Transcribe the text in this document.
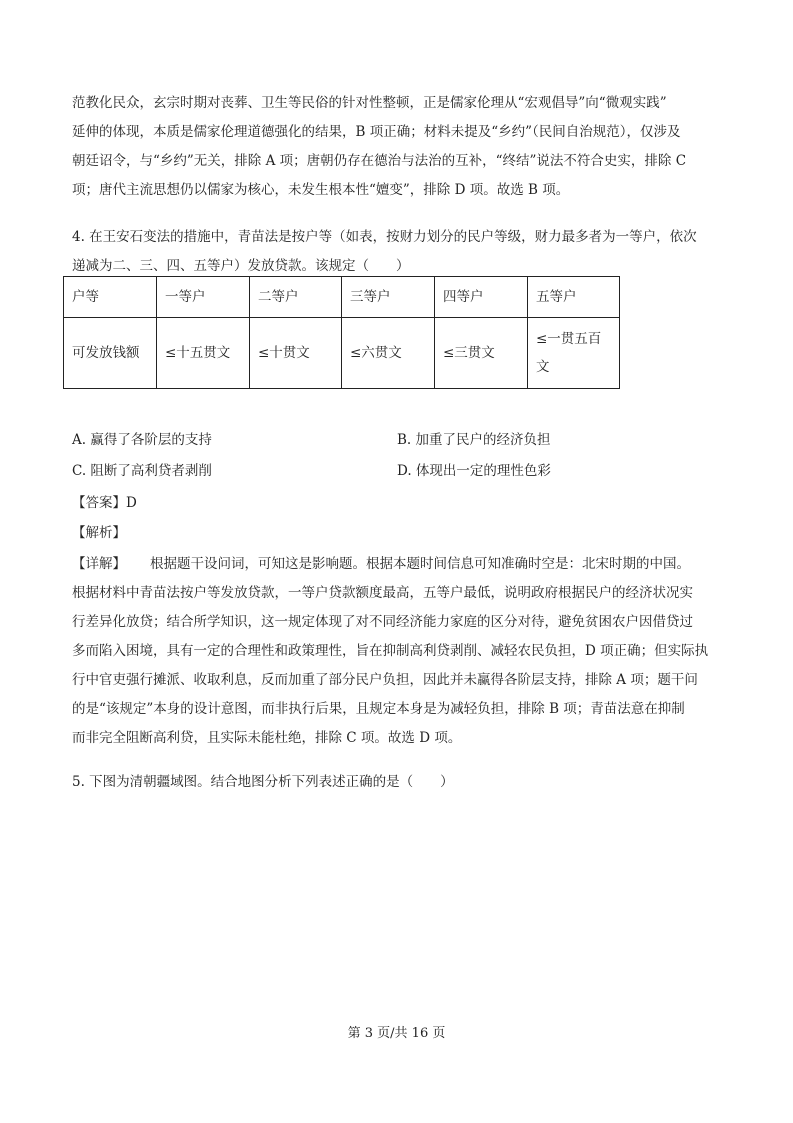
范教化民众，玄宗时期对丧葬、卫生等民俗的针对性整顿，正是儒家伦理从“宏观倡导”向“微观实践”
延伸的体现，本质是儒家伦理道德强化的结果，B 项正确；材料未提及“乡约”（民间自治规范），仅涉及
朝廷诏令，与“乡约”无关，排除 A 项；唐朝仍存在德治与法治的互补，“终结”说法不符合史实，排除 C
项；唐代主流思想仍以儒家为核心，未发生根本性“嬗变”，排除 D 项。故选 B 项。
4. 在王安石变法的措施中，青苗法是按户等（如表，按财力划分的民户等级，财力最多者为一等户，依次
递减为二、三、四、五等户）发放贷款。该规定（　　）
户等	一等户	二等户	三等户	四等户	五等户
可发放钱额	≤十五贯文	≤十贯文	≤六贯文	≤三贯文	≤一贯五百
文
A. 赢得了各阶层的支持	B. 加重了民户的经济负担
C. 阻断了高利贷者剥削	D. 体现出一定的理性色彩
【答案】D
【解析】
【详解】 根据题干设问词，可知这是影响题。根据本题时间信息可知准确时空是：北宋时期的中国。
根据材料中青苗法按户等发放贷款，一等户贷款额度最高，五等户最低，说明政府根据民户的经济状况实
行差异化放贷；结合所学知识，这一规定体现了对不同经济能力家庭的区分对待，避免贫困农户因借贷过
多而陷入困境，具有一定的合理性和政策理性，旨在抑制高利贷剥削、减轻农民负担，D 项正确；但实际执
行中官吏强行摊派、收取利息，反而加重了部分民户负担，因此并未赢得各阶层支持，排除 A 项；题干问
的是“该规定”本身的设计意图，而非执行后果，且规定本身是为减轻负担，排除 B 项；青苗法意在抑制
而非完全阻断高利贷，且实际未能杜绝，排除 C 项。故选 D 项。
5. 下图为清朝疆域图。结合地图分析下列表述正确的是（　　）
第 3 页/共 16 页
